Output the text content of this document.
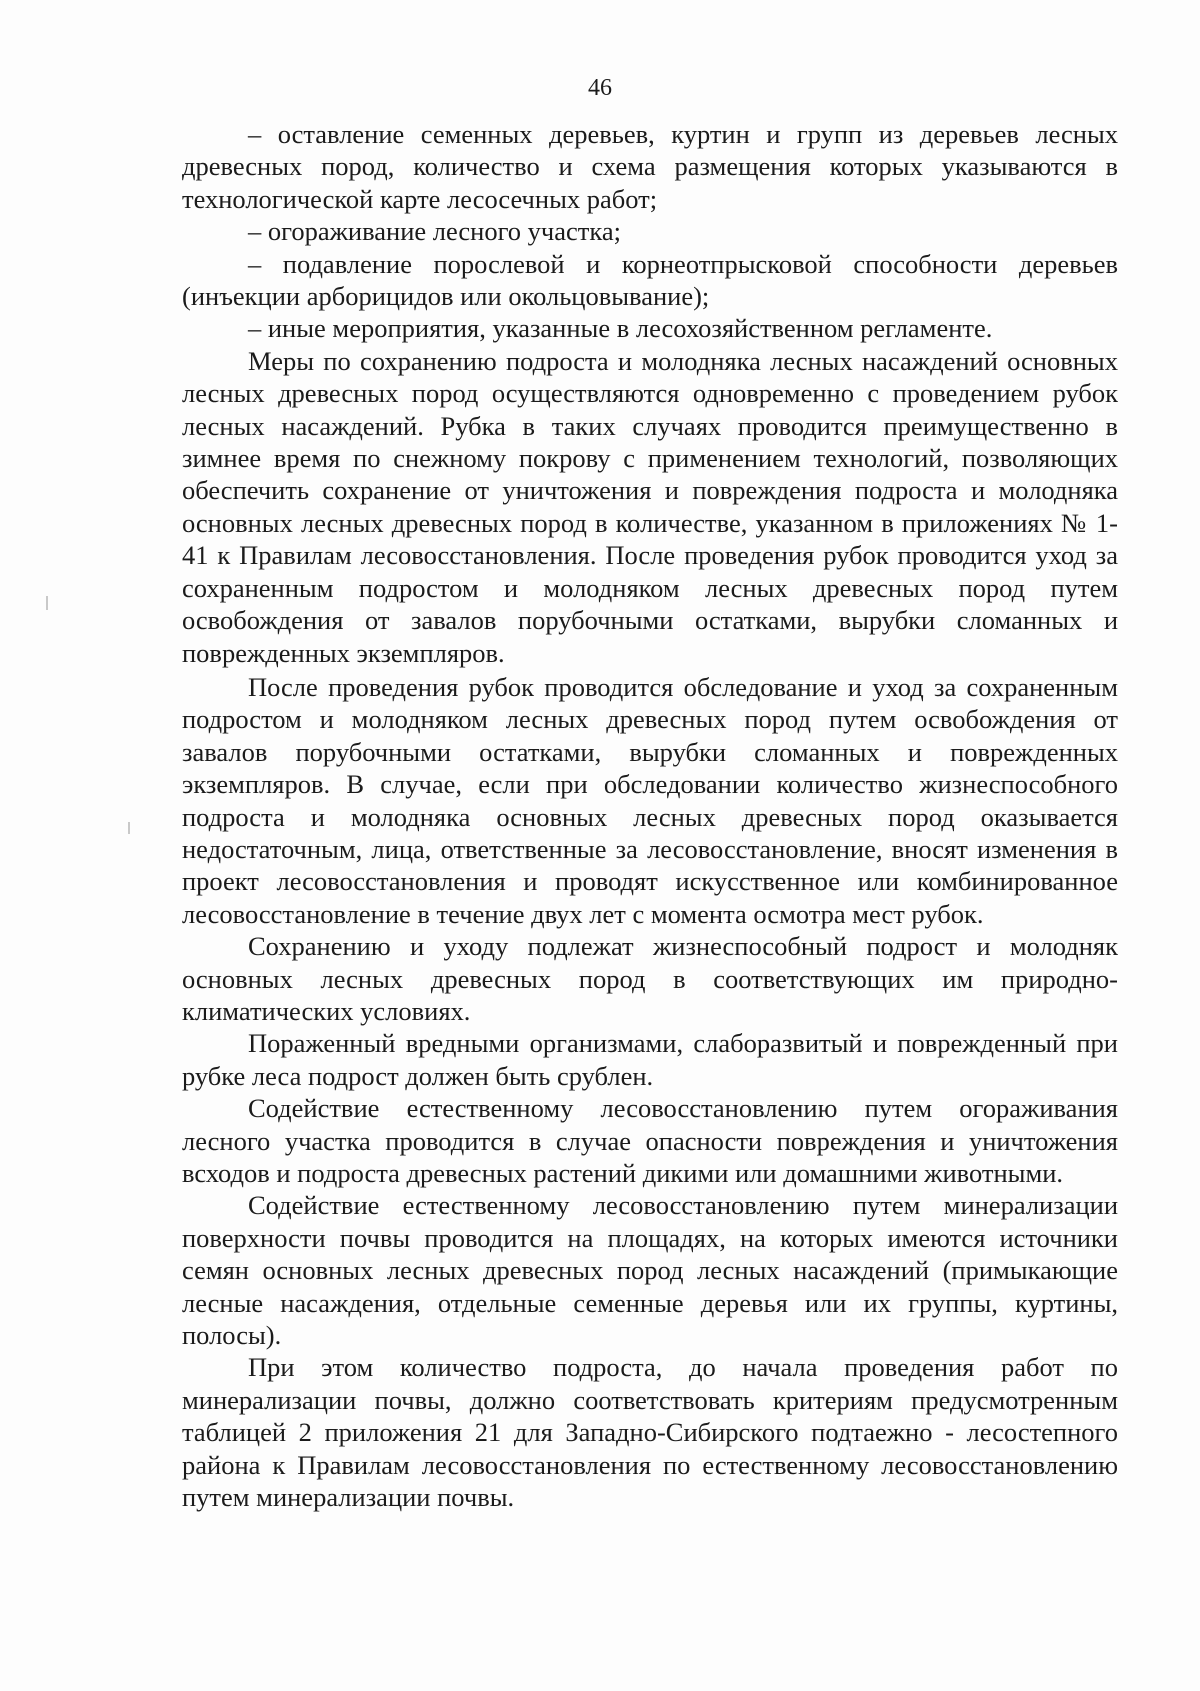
46

– оставление семенных деревьев, куртин и групп из деревьев лесных древесных пород, количество и схема размещения которых указываются в технологической карте лесосечных работ;

– огораживание лесного участка;

– подавление порослевой и корнеотпрысковой способности деревьев (инъекции арборицидов или окольцовывание);

– иные мероприятия, указанные в лесохозяйственном регламенте.

Меры по сохранению подроста и молодняка лесных насаждений основных лесных древесных пород осуществляются одновременно с проведением рубок лесных насаждений. Рубка в таких случаях проводится преимущественно в зимнее время по снежному покрову с применением технологий, позволяющих обеспечить сохранение от уничтожения и повреждения подроста и молодняка основных лесных древесных пород в количестве, указанном в приложениях № 1-41 к Правилам лесовосстановления. После проведения рубок проводится уход за сохраненным подростом и молодняком лесных древесных пород путем освобождения от завалов порубочными остатками, вырубки сломанных и поврежденных экземпляров.

После проведения рубок проводится обследование и уход за сохраненным подростом и молодняком лесных древесных пород путем освобождения от завалов порубочными остатками, вырубки сломанных и поврежденных экземпляров. В случае, если при обследовании количество жизнеспособного подроста и молодняка основных лесных древесных пород оказывается недостаточным, лица, ответственные за лесовосстановление, вносят изменения в проект лесовосстановления и проводят искусственное или комбинированное лесовосстановление в течение двух лет с момента осмотра мест рубок.

Сохранению и уходу подлежат жизнеспособный подрост и молодняк основных лесных древесных пород в соответствующих им природно-климатических условиях.

Пораженный вредными организмами, слаборазвитый и поврежденный при рубке леса подрост должен быть срублен.

Содействие естественному лесовосстановлению путем огораживания лесного участка проводится в случае опасности повреждения и уничтожения всходов и подроста древесных растений дикими или домашними животными.

Содействие естественному лесовосстановлению путем минерализации поверхности почвы проводится на площадях, на которых имеются источники семян основных лесных древесных пород лесных насаждений (примыкающие лесные насаждения, отдельные семенные деревья или их группы, куртины, полосы).

При этом количество подроста, до начала проведения работ по минерализации почвы, должно соответствовать критериям предусмотренным таблицей 2 приложения 21 для Западно-Сибирского подтаежно - лесостепного района к Правилам лесовосстановления по естественному лесовосстановлению путем минерализации почвы.
